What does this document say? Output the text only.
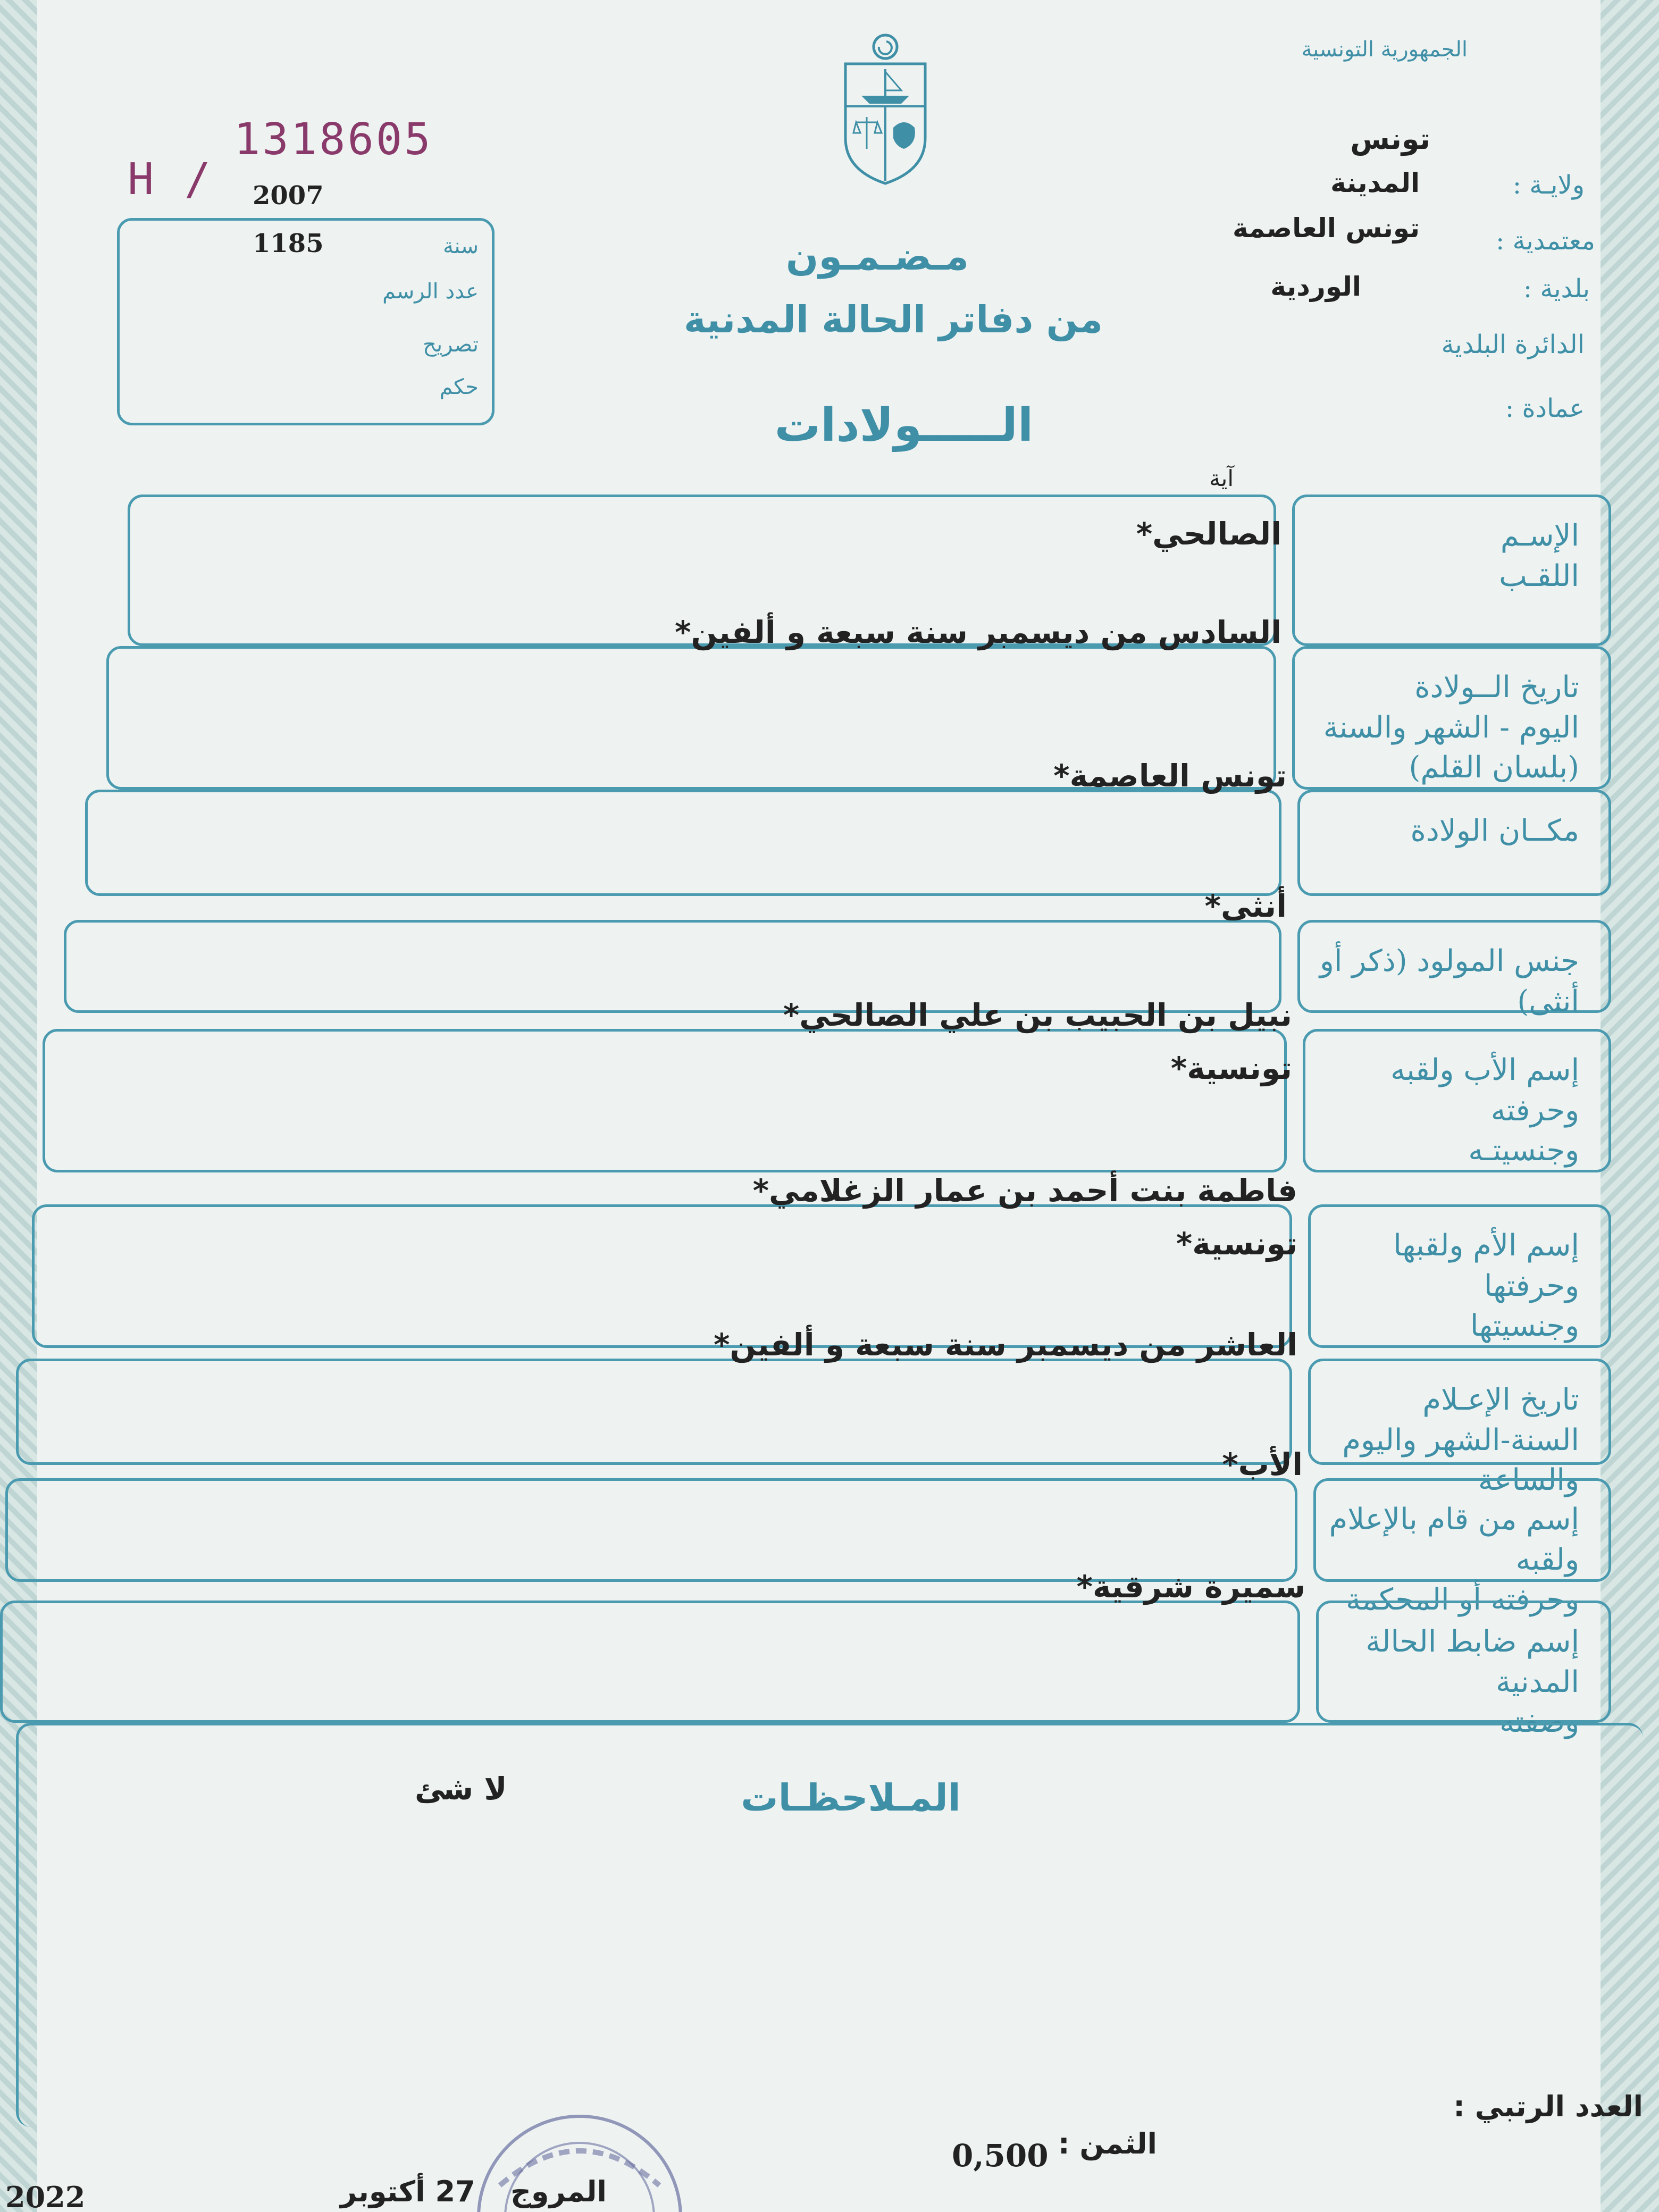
الجمهورية التونسية
تونس
ولايـة :
المدينة
معتمدية :
تونس العاصمة
بلدية :
الوردية
الدائرة البلدية
عمادة :
H /
1318605
2007
1185	سنة
عدد الرسم
تصريح
حكم
مـضـمـون
من دفاتر الحالة المدنية
الـــــولادات
آية
الإسـم
اللقـب
الصالحي*
تاريخ الــولادة
اليوم - الشهر والسنة
(بلسان القلم)
السادس من ديسمبر سنة سبعة و ألفين*
مكــان الولادة
تونس العاصمة*
جنس المولود (ذكر أو أنثى)
أنثى*
إسم الأب ولقبه وحرفته
وجنسيتـه
نبيل بن الحبيب بن علي الصالحي*
تونسية*
إسم الأم ولقبها وحرفتها
وجنسيتها
فاطمة بنت أحمد بن عمار الزغلامي*
تونسية*
تاريخ الإعـلام
السنة-الشهر واليوم والساعة
العاشر من ديسمبر سنة سبعة و ألفين*
إسم من قام بالإعلام ولقبه
وحرفته أو المحكمة
الأب*
إسم ضابط الحالة المدنية
وصفته
سميرة شرقية*
المـلاحظـات
لا شئ
العدد الرتبي :
الثمن :
0,500
المروج
27 أكتوبر
2022
